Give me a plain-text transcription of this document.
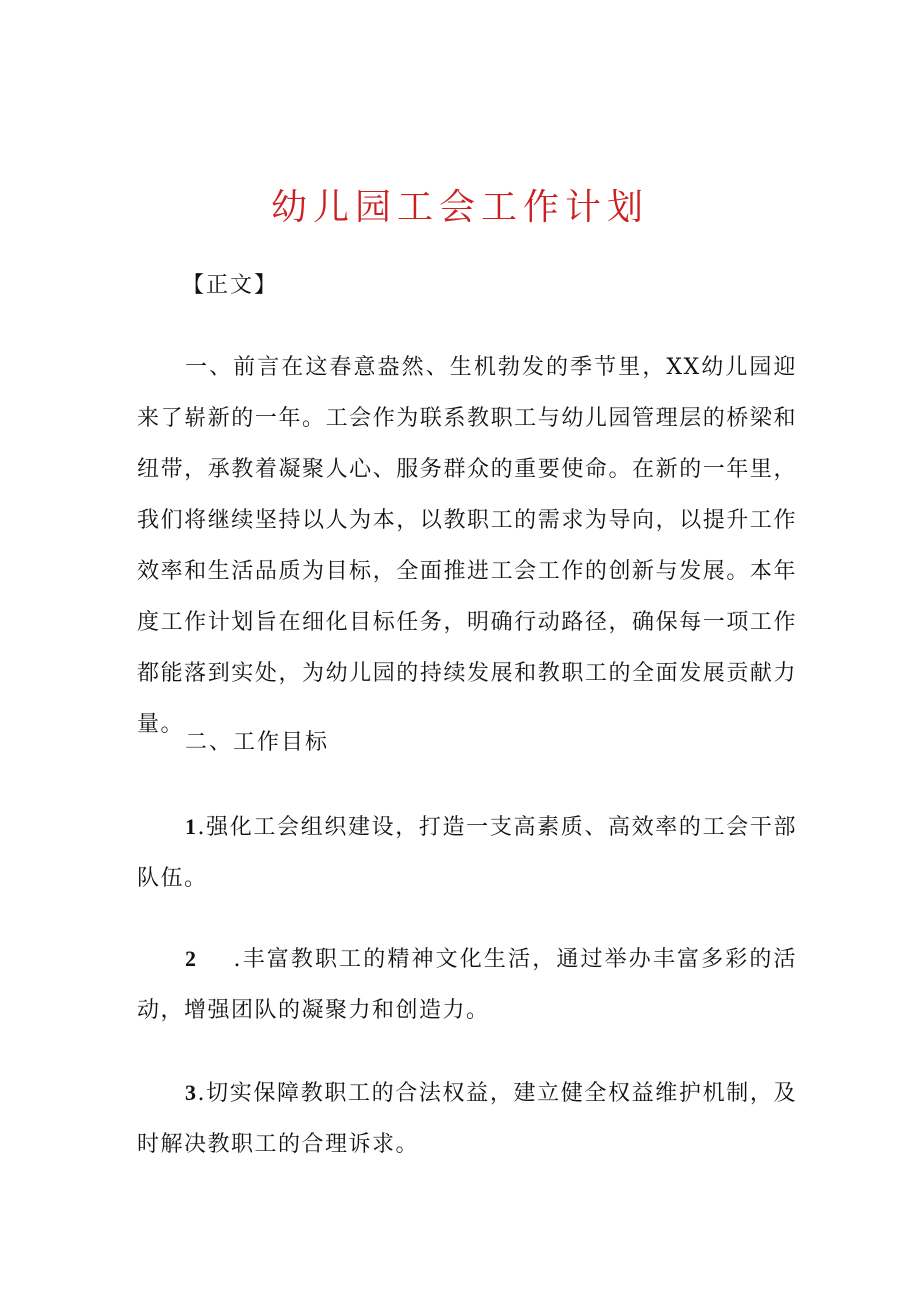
幼儿园工会工作计划
【正文】

一、前言在这春意盎然、生机勃发的季节里，XX幼儿园迎来了崭新的一年。工会作为联系教职工与幼儿园管理层的桥梁和纽带，承教着凝聚人心、服务群众的重要使命。在新的一年里，我们将继续坚持以人为本，以教职工的需求为导向，以提升工作效率和生活品质为目标，全面推进工会工作的创新与发展。本年度工作计划旨在细化目标任务，明确行动路径，确保每一项工作都能落到实处，为幼儿园的持续发展和教职工的全面发展贡献力量。

二、工作目标

1.强化工会组织建设，打造一支高素质、高效率的工会干部队伍。

2 .丰富教职工的精神文化生活，通过举办丰富多彩的活动，增强团队的凝聚力和创造力。

3.切实保障教职工的合法权益，建立健全权益维护机制，及时解决教职工的合理诉求。
